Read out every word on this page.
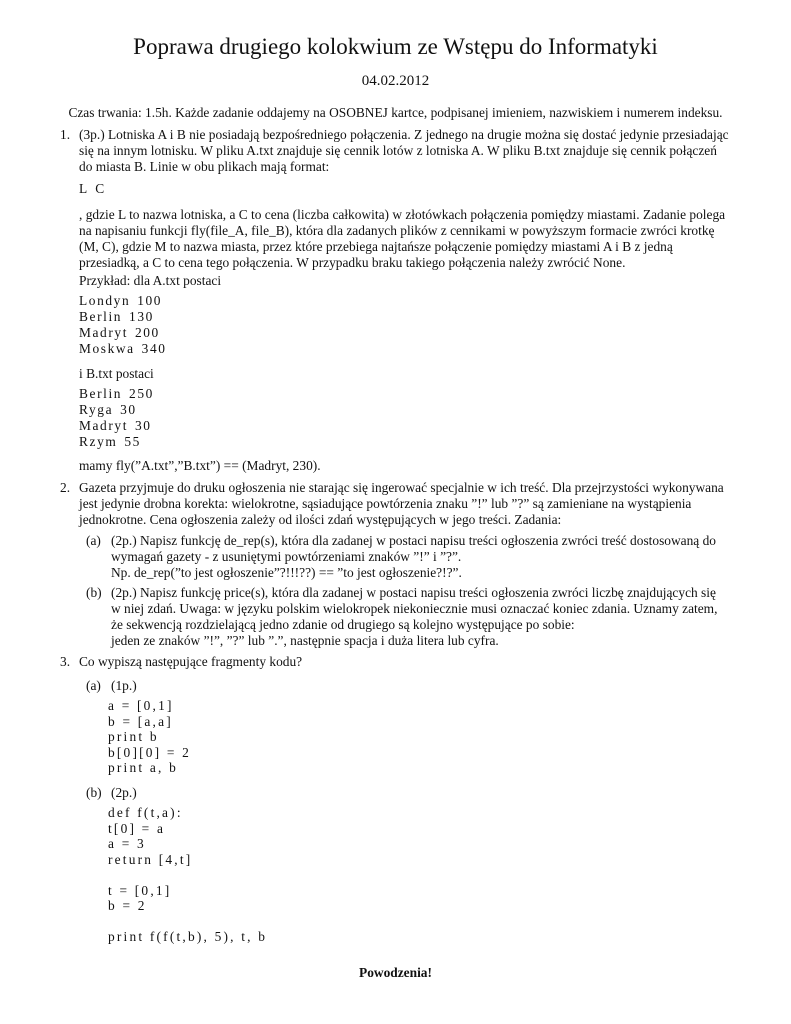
Poprawa drugiego kolokwium ze Wstępu do Informatyki
04.02.2012
Czas trwania: 1.5h. Każde zadanie oddajemy na OSOBNEJ kartce, podpisanej imieniem, nazwiskiem i numerem indeksu.
1. (3p.) Lotniska A i B nie posiadają bezpośredniego połączenia. Z jednego na drugie można się dostać jedynie przesiadając
się na innym lotnisku. W pliku A.txt znajduje się cennik lotów z lotniska A. W pliku B.txt znajduje się cennik połączeń
do miasta B. Linie w obu plikach mają format:
L C
, gdzie L to nazwa lotniska, a C to cena (liczba całkowita) w złotówkach połączenia pomiędzy miastami. Zadanie polega
na napisaniu funkcji fly(file_A, file_B), która dla zadanych plików z cennikami w powyższym formacie zwróci krotkę
(M, C), gdzie M to nazwa miasta, przez które przebiega najtańsze połączenie pomiędzy miastami A i B z jedną
przesiadką, a C to cena tego połączenia. W przypadku braku takiego połączenia należy zwrócić None.
Przykład: dla A.txt postaci
Londyn 100
Berlin 130
Madryt 200
Moskwa 340
i B.txt postaci
Berlin 250
Ryga 30
Madryt 30
Rzym 55
mamy fly(”A.txt”,”B.txt”) == (Madryt, 230).
2. Gazeta przyjmuje do druku ogłoszenia nie starając się ingerować specjalnie w ich treść. Dla przejrzystości wykonywana
jest jedynie drobna korekta: wielokrotne, sąsiadujące powtórzenia znaku ”!” lub ”?” są zamieniane na wystąpienia
jednokrotne. Cena ogłoszenia zależy od ilości zdań występujących w jego treści. Zadania:
(a) (2p.) Napisz funkcję de_rep(s), która dla zadanej w postaci napisu treści ogłoszenia zwróci treść dostosowaną do
wymagań gazety - z usuniętymi powtórzeniami znaków ”!” i ”?”.
Np. de_rep(”to jest ogłoszenie”?!!!??) == ”to jest ogłoszenie?!?”.
(b) (2p.) Napisz funkcję price(s), która dla zadanej w postaci napisu treści ogłoszenia zwróci liczbę znajdujących się
w niej zdań. Uwaga: w języku polskim wielokropek niekoniecznie musi oznaczać koniec zdania. Uznamy zatem,
że sekwencją rozdzielającą jedno zdanie od drugiego są kolejno występujące po sobie:
jeden ze znaków ”!”, ”?” lub ”.”, następnie spacja i duża litera lub cyfra.
3. Co wypiszą następujące fragmenty kodu?
(a) (1p.)
a = [0,1]
b = [a,a]
print b
b[0][0] = 2
print a, b
(b) (2p.)
def f(t,a):
t[0] = a
a = 3
return [4,t]
t = [0,1]
b = 2
print f(f(t,b), 5), t, b
Powodzenia!
